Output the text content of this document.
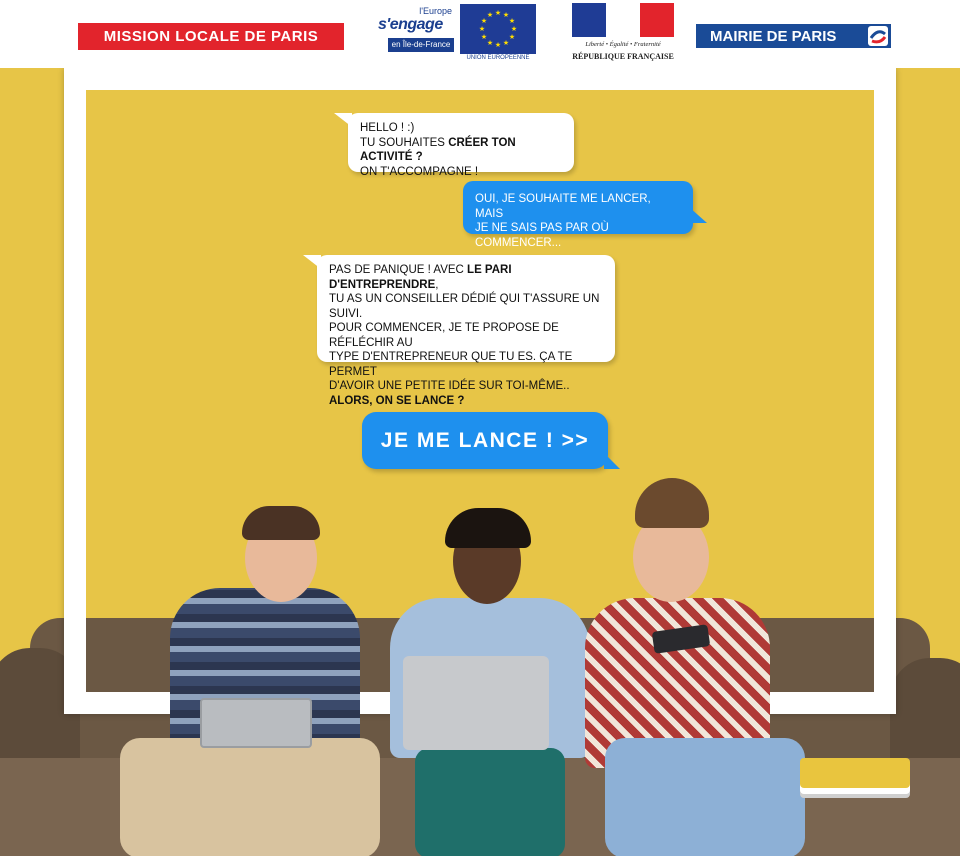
MISSION LOCALE DE PARIS
l'Europe
s'engage
en Île-de-France
★ ★
★
★
★
★
★
★
★
★
★
★
UNION EUROPEENNE
Liberté • Égalité • Fraternité
RÉPUBLIQUE FRANÇAISE
MAIRIE DE PARIS
HELLO ! :)
TU SOUHAITES CRÉER TON ACTIVITÉ ?
ON T'ACCOMPAGNE !
OUI, JE SOUHAITE ME LANCER, MAIS
JE NE SAIS PAS PAR OÙ COMMENCER...
PAS DE PANIQUE ! AVEC LE PARI D'ENTREPRENDRE,
TU AS UN CONSEILLER DÉDIÉ QUI T'ASSURE UN SUIVI.
POUR COMMENCER, JE TE PROPOSE DE RÉFLÉCHIR AU
TYPE D'ENTREPRENEUR QUE TU ES. ÇA TE PERMET
D'AVOIR UNE PETITE IDÉE SUR TOI-MÊME..
ALORS, ON SE LANCE ?
JE ME LANCE ! >>
